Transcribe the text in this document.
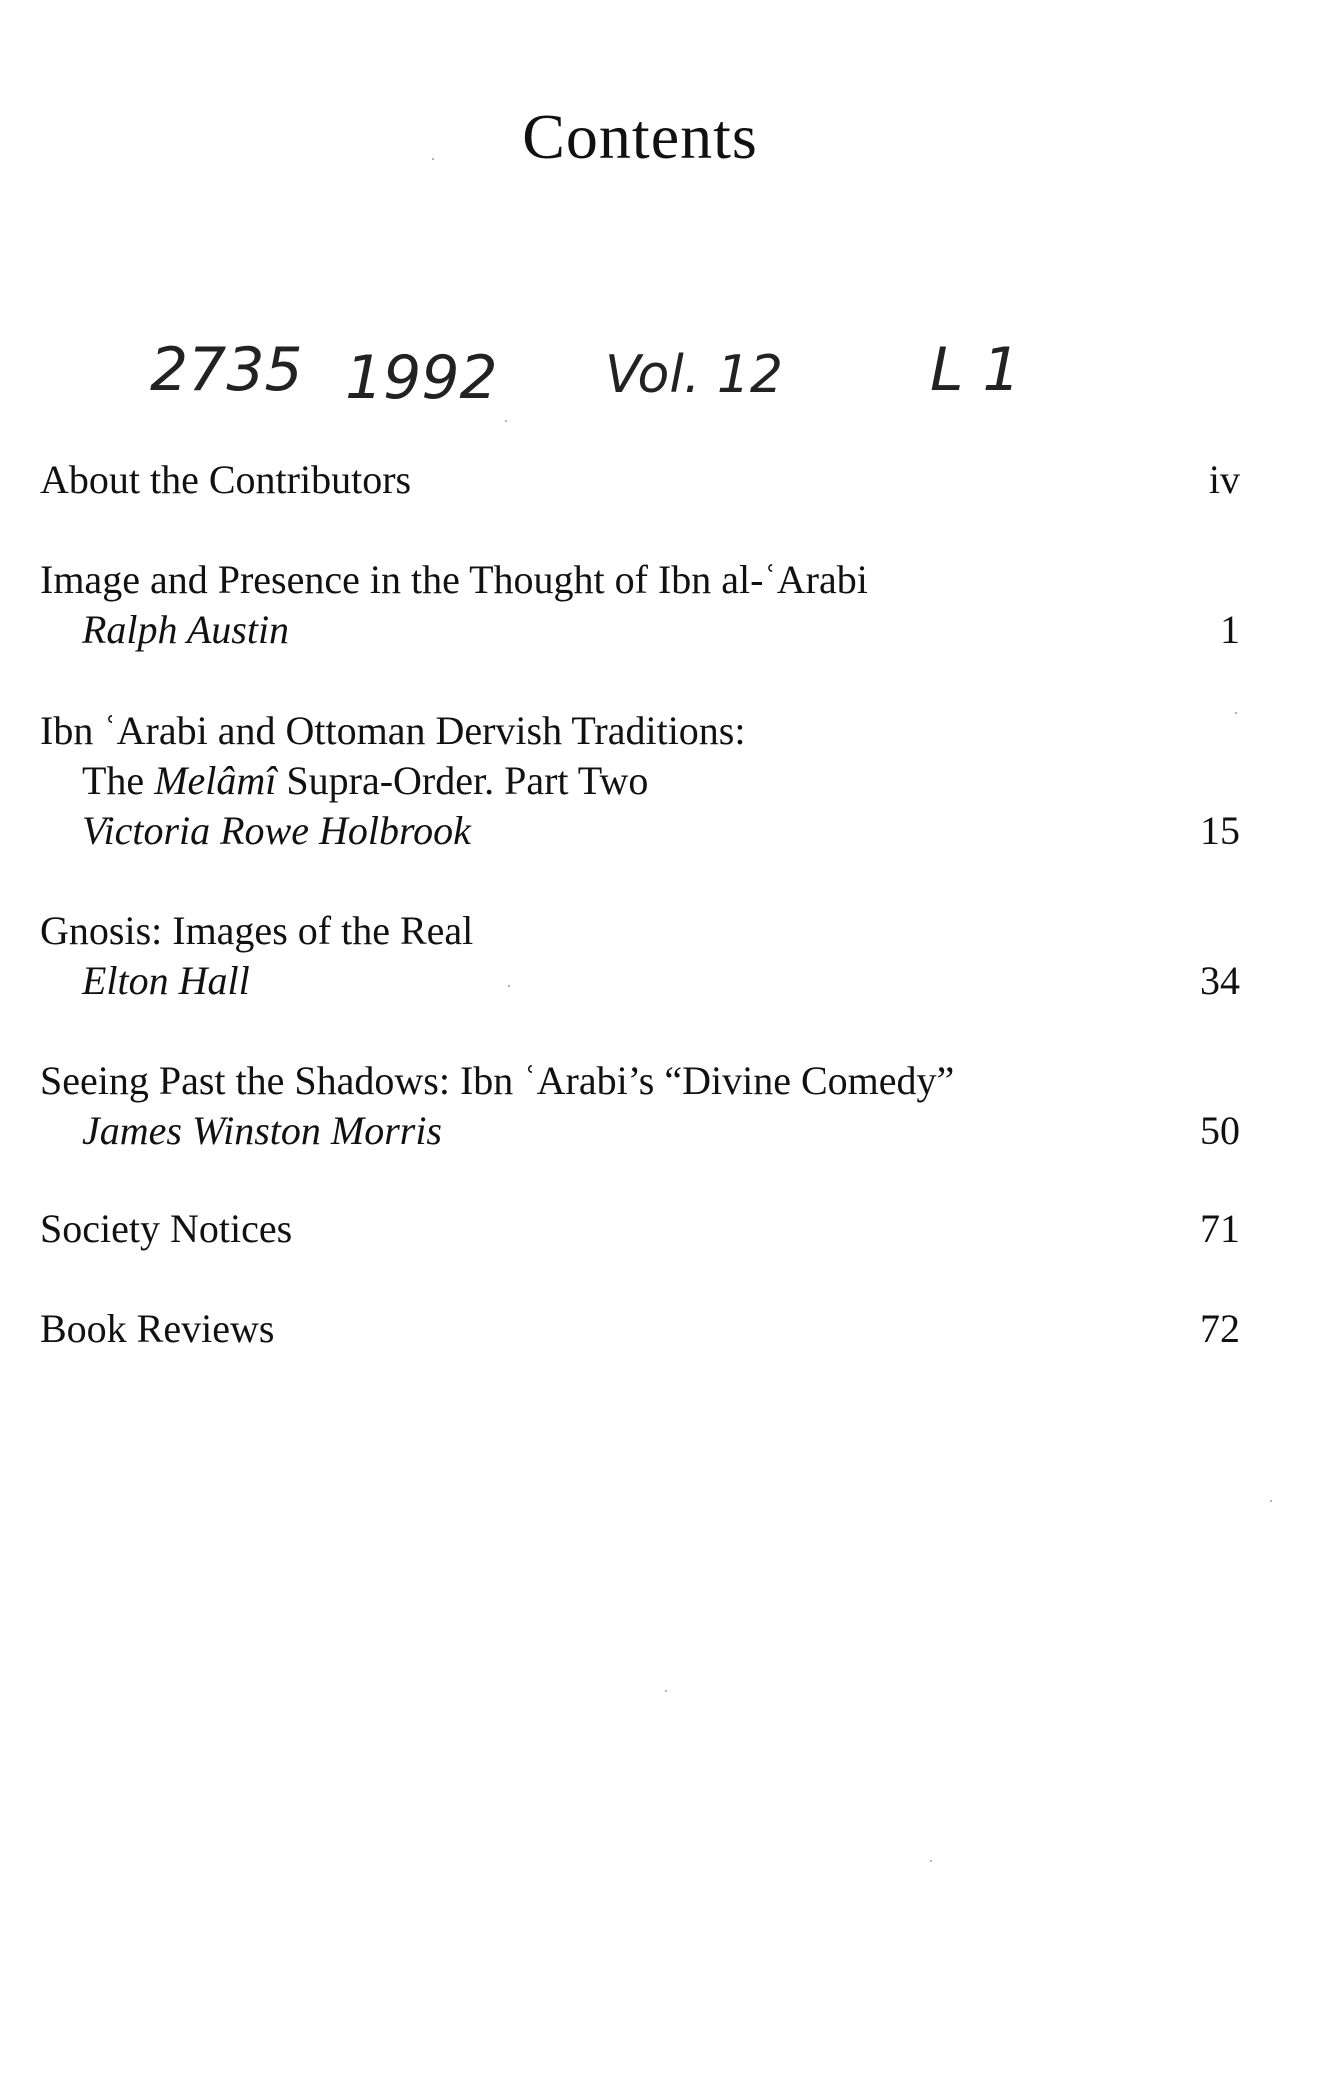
Contents
2735 1992 Vol. 12 L 1
About the Contributors	iv
Image and Presence in the Thought of Ibn al-ʿArabi
Ralph Austin	1
Ibn ʿArabi and Ottoman Dervish Traditions:
The Melâmî Supra-Order. Part Two
Victoria Rowe Holbrook	15
Gnosis: Images of the Real
Elton Hall	34
Seeing Past the Shadows: Ibn ʿArabi’s “Divine Comedy”
James Winston Morris	50
Society Notices	71
Book Reviews	72
